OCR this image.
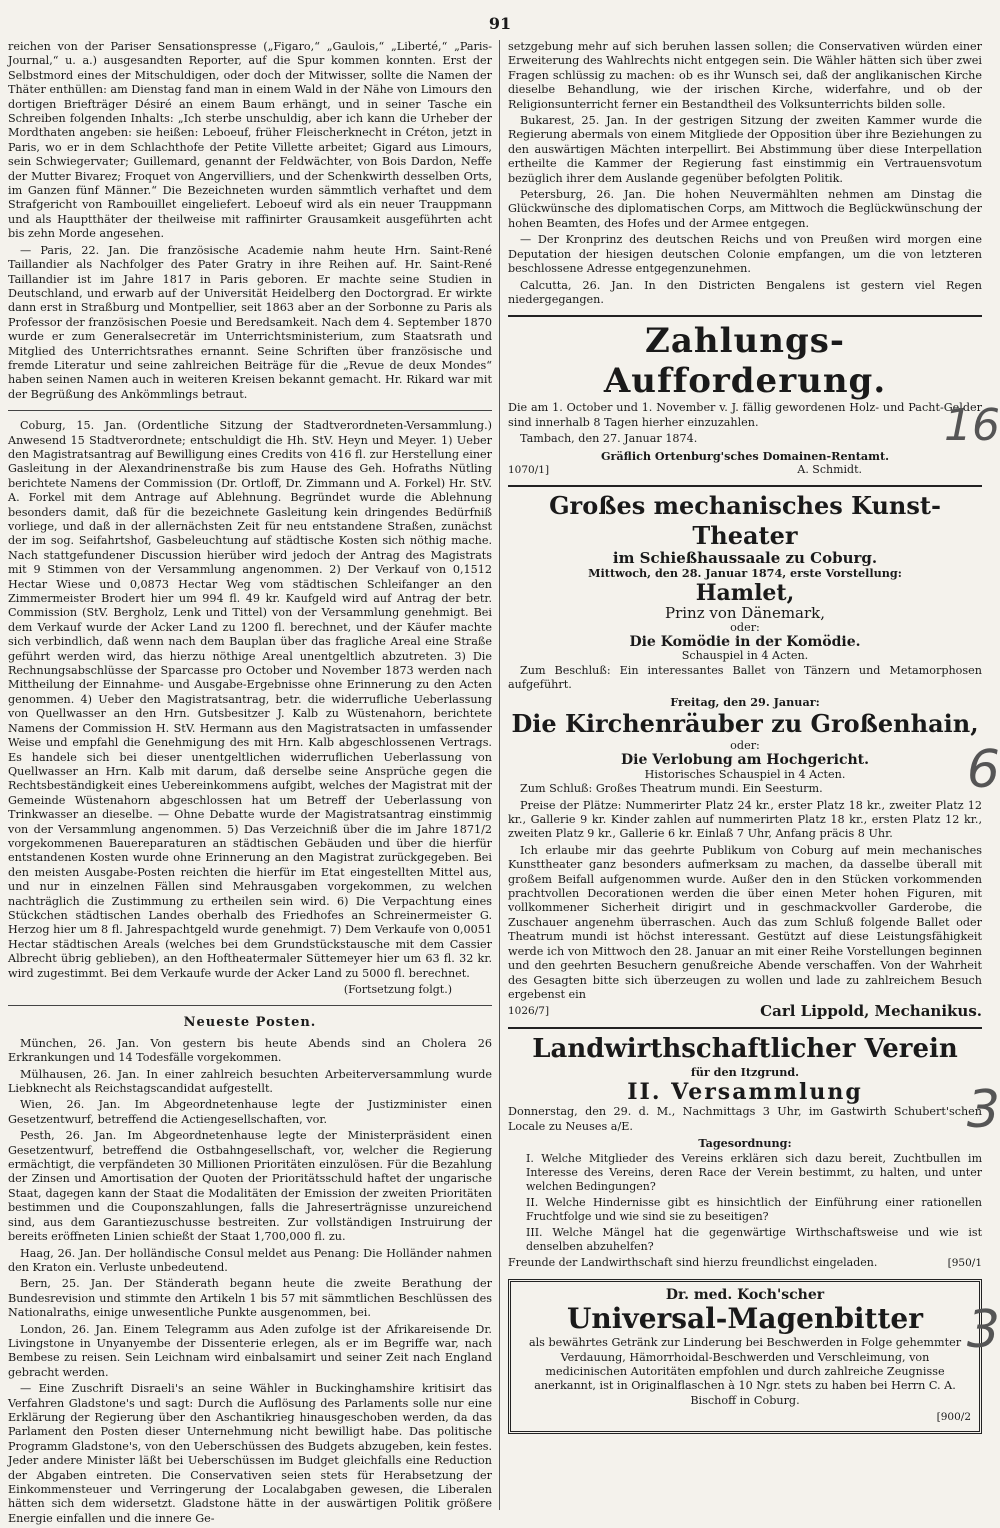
91

reichen von der Pariser Sensationspresse („Figaro,“ „Gaulois,“ „Liberté,“ „Paris-Journal,“ u. a.) ausgesandten Reporter, auf die Spur kommen konnten. Erst der Selbstmord eines der Mitschuldigen, oder doch der Mitwisser, sollte die Namen der Thäter enthüllen: am Dienstag fand man in einem Wald in der Nähe von Limours den dortigen Briefträger Désiré an einem Baum erhängt, und in seiner Tasche ein Schreiben folgenden Inhalts: „Ich sterbe unschuldig, aber ich kann die Urheber der Mordthaten angeben: sie heißen: Leboeuf, früher Fleischerknecht in Créton, jetzt in Paris, wo er in dem Schlachthofe der Petite Villette arbeitet; Gigard aus Limours, sein Schwiegervater; Guillemard, genannt der Feldwächter, von Bois Dardon, Neffe der Mutter Bivarez; Froquet von Angervilliers, und der Schenkwirth desselben Orts, im Ganzen fünf Männer.“ Die Bezeichneten wurden sämmtlich verhaftet und dem Strafgericht von Rambouillet eingeliefert. Leboeuf wird als ein neuer Trauppmann und als Hauptthäter der theilweise mit raffinirter Grausamkeit ausgeführten acht bis zehn Morde angesehen.

— Paris, 22. Jan. Die französische Academie nahm heute Hrn. Saint-René Taillandier als Nachfolger des Pater Gratry in ihre Reihen auf. Hr. Saint-René Taillandier ist im Jahre 1817 in Paris geboren. Er machte seine Studien in Deutschland, und erwarb auf der Universität Heidelberg den Doctorgrad. Er wirkte dann erst in Straßburg und Montpellier, seit 1863 aber an der Sorbonne zu Paris als Professor der französischen Poesie und Beredsamkeit. Nach dem 4. September 1870 wurde er zum Generalsecretär im Unterrichtsministerium, zum Staatsrath und Mitglied des Unterrichtsrathes ernannt. Seine Schriften über französische und fremde Literatur und seine zahlreichen Beiträge für die „Revue de deux Mondes“ haben seinen Namen auch in weiteren Kreisen bekannt gemacht. Hr. Rikard war mit der Begrüßung des Ankömmlings betraut.

Coburg, 15. Jan. (Ordentliche Sitzung der Stadtverordneten-Versammlung.) Anwesend 15 Stadtverordnete; entschuldigt die Hh. StV. Heyn und Meyer. 1) Ueber den Magistratsantrag auf Bewilligung eines Credits von 416 fl. zur Herstellung einer Gasleitung in der Alexandrinenstraße bis zum Hause des Geh. Hofraths Nütling berichtete Namens der Commission (Dr. Ortloff, Dr. Zimmann und A. Forkel) Hr. StV. A. Forkel mit dem Antrage auf Ablehnung. Begründet wurde die Ablehnung besonders damit, daß für die bezeichnete Gasleitung kein dringendes Bedürfniß vorliege, und daß in der allernächsten Zeit für neu entstandene Straßen, zunächst der im sog. Seifahrtshof, Gasbeleuchtung auf städtische Kosten sich nöthig mache. Nach stattgefundener Discussion hierüber wird jedoch der Antrag des Magistrats mit 9 Stimmen von der Versammlung angenommen. 2) Der Verkauf von 0,1512 Hectar Wiese und 0,0873 Hectar Weg vom städtischen Schleifanger an den Zimmermeister Brodert hier um 994 fl. 49 kr. Kaufgeld wird auf Antrag der betr. Commission (StV. Bergholz, Lenk und Tittel) von der Versammlung genehmigt. Bei dem Verkauf wurde der Acker Land zu 1200 fl. berechnet, und der Käufer machte sich verbindlich, daß wenn nach dem Bauplan über das fragliche Areal eine Straße geführt werden wird, das hierzu nöthige Areal unentgeltlich abzutreten. 3) Die Rechnungsabschlüsse der Sparcasse pro October und November 1873 werden nach Mittheilung der Einnahme- und Ausgabe-Ergebnisse ohne Erinnerung zu den Acten genommen. 4) Ueber den Magistratsantrag, betr. die widerrufliche Ueberlassung von Quellwasser an den Hrn. Gutsbesitzer J. Kalb zu Wüstenahorn, berichtete Namens der Commission H. StV. Hermann aus den Magistratsacten in umfassender Weise und empfahl die Genehmigung des mit Hrn. Kalb abgeschlossenen Vertrags. Es handele sich bei dieser unentgeltlichen widerruflichen Ueberlassung von Quellwasser an Hrn. Kalb mit darum, daß derselbe seine Ansprüche gegen die Rechtsbeständigkeit eines Uebereinkommens aufgibt, welches der Magistrat mit der Gemeinde Wüstenahorn abgeschlossen hat um Betreff der Ueberlassung von Trinkwasser an dieselbe. — Ohne Debatte wurde der Magistratsantrag einstimmig von der Versammlung angenommen. 5) Das Verzeichniß über die im Jahre 1871/2 vorgekommenen Bauereparaturen an städtischen Gebäuden und über die hierfür entstandenen Kosten wurde ohne Erinnerung an den Magistrat zurückgegeben. Bei den meisten Ausgabe-Posten reichten die hierfür im Etat eingestellten Mittel aus, und nur in einzelnen Fällen sind Mehrausgaben vorgekommen, zu welchen nachträglich die Zustimmung zu ertheilen sein wird. 6) Die Verpachtung eines Stückchen städtischen Landes oberhalb des Friedhofes an Schreinermeister G. Herzog hier um 8 fl. Jahrespachtgeld wurde genehmigt. 7) Dem Verkaufe von 0,0051 Hectar städtischen Areals (welches bei dem Grundstückstausche mit dem Cassier Albrecht übrig geblieben), an den Hoftheatermaler Süttemeyer hier um 63 fl. 32 kr. wird zugestimmt. Bei dem Verkaufe wurde der Acker Land zu 5000 fl. berechnet.

(Fortsetzung folgt.)
Neueste Posten.

München, 26. Jan. Von gestern bis heute Abends sind an Cholera 26 Erkrankungen und 14 Todesfälle vorgekommen.

Mülhausen, 26. Jan. In einer zahlreich besuchten Arbeiterversammlung wurde Liebknecht als Reichstagscandidat aufgestellt.

Wien, 26. Jan. Im Abgeordnetenhause legte der Justizminister einen Gesetzentwurf, betreffend die Actiengesellschaften, vor.

Pesth, 26. Jan. Im Abgeordnetenhause legte der Ministerpräsident einen Gesetzentwurf, betreffend die Ostbahngesellschaft, vor, welcher die Regierung ermächtigt, die verpfändeten 30 Millionen Prioritäten einzulösen. Für die Bezahlung der Zinsen und Amortisation der Quoten der Prioritätsschuld haftet der ungarische Staat, dagegen kann der Staat die Modalitäten der Emission der zweiten Prioritäten bestimmen und die Couponszahlungen, falls die Jahreserträgnisse unzureichend sind, aus dem Garantiezuschusse bestreiten. Zur vollständigen Instruirung der bereits eröffneten Linien schießt der Staat 1,700,000 fl. zu.

Haag, 26. Jan. Der holländische Consul meldet aus Penang: Die Holländer nahmen den Kraton ein. Verluste unbedeutend.

Bern, 25. Jan. Der Ständerath begann heute die zweite Berathung der Bundesrevision und stimmte den Artikeln 1 bis 57 mit sämmtlichen Beschlüssen des Nationalraths, einige unwesentliche Punkte ausgenommen, bei.

London, 26. Jan. Einem Telegramm aus Aden zufolge ist der Afrikareisende Dr. Livingstone in Unyanyembe der Dissenterie erlegen, als er im Begriffe war, nach Bembese zu reisen. Sein Leichnam wird einbalsamirt und seiner Zeit nach England gebracht werden.

— Eine Zuschrift Disraeli's an seine Wähler in Buckinghamshire kritisirt das Verfahren Gladstone's und sagt: Durch die Auflösung des Parlaments solle nur eine Erklärung der Regierung über den Aschantikrieg hinausgeschoben werden, da das Parlament den Posten dieser Unternehmung nicht bewilligt habe. Das politische Programm Gladstone's, von den Ueberschüssen des Budgets abzugeben, kein festes. Jeder andere Minister läßt bei Ueberschüssen im Budget gleichfalls eine Reduction der Abgaben eintreten. Die Conservativen seien stets für Herabsetzung der Einkommensteuer und Verringerung der Localabgaben gewesen, die Liberalen hätten sich dem widersetzt. Gladstone hätte in der auswärtigen Politik größere Energie einfallen und die innere Ge-

setzgebung mehr auf sich beruhen lassen sollen; die Conservativen würden einer Erweiterung des Wahlrechts nicht entgegen sein. Die Wähler hätten sich über zwei Fragen schlüssig zu machen: ob es ihr Wunsch sei, daß der anglikanischen Kirche dieselbe Behandlung, wie der irischen Kirche, widerfahre, und ob der Religionsunterricht ferner ein Bestandtheil des Volksunterrichts bilden solle.

Bukarest, 25. Jan. In der gestrigen Sitzung der zweiten Kammer wurde die Regierung abermals von einem Mitgliede der Opposition über ihre Beziehungen zu den auswärtigen Mächten interpellirt. Bei Abstimmung über diese Interpellation ertheilte die Kammer der Regierung fast einstimmig ein Vertrauensvotum bezüglich ihrer dem Auslande gegenüber befolgten Politik.

Petersburg, 26. Jan. Die hohen Neuvermählten nehmen am Dinstag die Glückwünsche des diplomatischen Corps, am Mittwoch die Beglückwünschung der hohen Beamten, des Hofes und der Armee entgegen.

— Der Kronprinz des deutschen Reichs und von Preußen wird morgen eine Deputation der hiesigen deutschen Colonie empfangen, um die von letzteren beschlossene Adresse entgegenzunehmen.

Calcutta, 26. Jan. In den Districten Bengalens ist gestern viel Regen niedergegangen.

Zahlungs-Aufforderung.

Die am 1. October und 1. November v. J. fällig gewordenen Holz- und Pacht-Gelder sind innerhalb 8 Tagen hierher einzuzahlen.

Tambach, den 27. Januar 1874.

Gräflich Ortenburg'sches Domainen-Rentamt.
1070/1]	A. Schmidt.
Großes mechanisches Kunst-Theater
im Schießhaussaale zu Coburg.
Mittwoch, den 28. Januar 1874, erste Vorstellung:
Hamlet,
Prinz von Dänemark,
oder:
Die Komödie in der Komödie.
Schauspiel in 4 Acten.

Zum Beschluß: Ein interessantes Ballet von Tänzern und Metamorphosen aufgeführt.

Freitag, den 29. Januar:
Die Kirchenräuber zu Großenhain,
oder:
Die Verlobung am Hochgericht.
Historisches Schauspiel in 4 Acten.

Zum Schluß: Großes Theatrum mundi. Ein Seesturm.

Preise der Plätze: Nummerirter Platz 24 kr., erster Platz 18 kr., zweiter Platz 12 kr., Gallerie 9 kr. Kinder zahlen auf nummerirten Platz 18 kr., ersten Platz 12 kr., zweiten Platz 9 kr., Gallerie 6 kr. Einlaß 7 Uhr, Anfang präcis 8 Uhr.

Ich erlaube mir das geehrte Publikum von Coburg auf mein mechanisches Kunsttheater ganz besonders aufmerksam zu machen, da dasselbe überall mit großem Beifall aufgenommen wurde. Außer den in den Stücken vorkommenden prachtvollen Decorationen werden die über einen Meter hohen Figuren, mit vollkommener Sicherheit dirigirt und in geschmackvoller Garderobe, die Zuschauer angenehm überraschen. Auch das zum Schluß folgende Ballet oder Theatrum mundi ist höchst interessant. Gestützt auf diese Leistungsfähigkeit werde ich von Mittwoch den 28. Januar an mit einer Reihe Vorstellungen beginnen und den geehrten Besuchern genußreiche Abende verschaffen. Von der Wahrheit des Gesagten bitte sich überzeugen zu wollen und lade zu zahlreichem Besuch ergebenst ein

1026/7]	Carl Lippold, Mechanikus.
Landwirthschaftlicher Verein
für den Itzgrund.
II. Versammlung

Donnerstag, den 29. d. M., Nachmittags 3 Uhr, im Gastwirth Schubert'schen Locale zu Neuses a/E.

Tagesordnung:
I. Welche Mitglieder des Vereins erklären sich dazu bereit, Zuchtbullen im Interesse des Vereins, deren Race der Verein bestimmt, zu halten, und unter welchen Bedingungen?
II. Welche Hindernisse gibt es hinsichtlich der Einführung einer rationellen Fruchtfolge und wie sind sie zu beseitigen?
III. Welche Mängel hat die gegenwärtige Wirthschaftsweise und wie ist denselben abzuhelfen?
Freunde der Landwirthschaft sind hierzu freundlichst eingeladen.	[950/1
Dr. med. Koch'scher
Universal-Magenbitter

als bewährtes Getränk zur Linderung bei Beschwerden in Folge gehemmter Verdauung, Hämorrhoidal-Beschwerden und Verschleimung, von medicinischen Autoritäten empfohlen und durch zahlreiche Zeugnisse anerkannt, ist in Originalflaschen à 10 Ngr. stets zu haben bei Herrn C. A. Bischoff in Coburg.

[900/2
16
6
3
3
